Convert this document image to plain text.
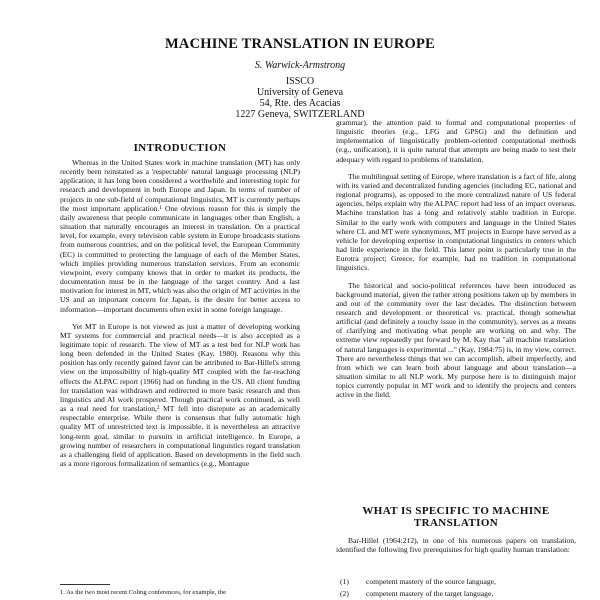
MACHINE TRANSLATION IN EUROPE
S. Warwick-Armstrong
ISSCO
University of Geneva
54, Rte. des Acacias
1227 Geneva, SWITZERLAND
INTRODUCTION

Whereas in the United States work in machine translation (MT) has only recently been reinstated as a 'respectable' natural language processing (NLP) application, it has long been considered a worthwhile and interesting topic for research and development in both Europe and Japan. In terms of number of projects in one sub-field of computational linguistics, MT is currently perhaps the most important application.¹ One obvious reason for this is simply the daily awareness that people communicate in languages other than English, a situation that naturally encourages an interest in translation. On a practical level, for example, every television cable system in Europe broadcasts stations from numerous countries, and on the political level, the European Community (EC) is committed to protecting the language of each of the Member States, which implies providing numerous translation services. From an economic viewpoint, every company knows that in order to market its products, the documentation must be in the language of the target country. And a last motivation for interest in MT, which was also the origin of MT activities in the US and an important concern for Japan, is the desire for better access to information—important documents often exist in some foreign language.

Yet MT in Europe is not viewed as just a matter of developing working MT systems for commercial and practical needs—it is also accepted as a legitimate topic of research. The view of MT as a test bed for NLP work has long been defended in the United States (Kay, 1980). Reasons why this position has only recently gained favor can be attributed to Bar-Hillel's strong view on the impossibility of high-quality MT coupled with the far-reaching effects the ALPAC report (1966) had on funding in the US. All client funding for translation was withdrawn and redirected to more basic research and thus linguistics and AI work prospered. Though practical work continued, as well as a real need for translation,² MT fell into disrepute as an academically respectable enterprise. While there is consensus that fully automatic high quality MT of unrestricted text is impossible, it is nevertheless an attractive long-term goal, similar to pursuits in artificial intelligence. In Europe, a growing number of researchers in computational linguistics regard translation as a challenging field of application. Based on developments in the field such as a more rigorous formalization of semantics (e.g., Montague

1. As the two most recent Coling conferences, for example, the

grammar), the attention paid to formal and computational properties of linguistic theories (e.g., LFG and GPSG) and the definition and implementation of linguistically problem-oriented computational methods (e.g., unification), it is quite natural that attempts are being made to test their adequacy with regard to problems of translation.

The multilingual setting of Europe, where translation is a fact of life, along with its varied and decentralized funding agencies (including EC, national and regional programs), as opposed to the more centralized nature of US federal agencies, helps explain why the ALPAC report had less of an impact overseas. Machine translation has a long and relatively stable tradition in Europe. Similar to the early work with computers and language in the United States where CL and MT were synonymous, MT projects in Europe have served as a vehicle for developing expertise in computational linguistics in centers which had little experience in the field. This latter point is particularly true in the Eurotra project; Greece, for example, had no tradition in computational linguistics.

The historical and socio-political references have been introduced as background material, given the rather strong positions taken up by members in and out of the community over the last decades. The distinction between research and development or theoretical vs. practical, though somewhat artificial (and definitely a touchy issue in the community), serves as a means of clarifying and motivating what people are working on and why. The extreme view repeatedly put forward by M. Kay that "all machine translation of natural languages is experimental ..." (Kay, 1984:75) is, in my view, correct. There are nevertheless things that we can accomplish, albeit imperfectly, and from which we can learn both about language and about translation—a situation similar to all NLP work. My purpose here is to distinguish major topics currently popular in MT work and to identify the projects and centers active in the field.

WHAT IS SPECIFIC TO MACHINE TRANSLATION

Bar-Hillel (1964:212), in one of his numerous papers on translation, identified the following five prerequisites for high quality human translation:

(1)	competent mastery of the source language,
(2)	competent mastery of the target language,
